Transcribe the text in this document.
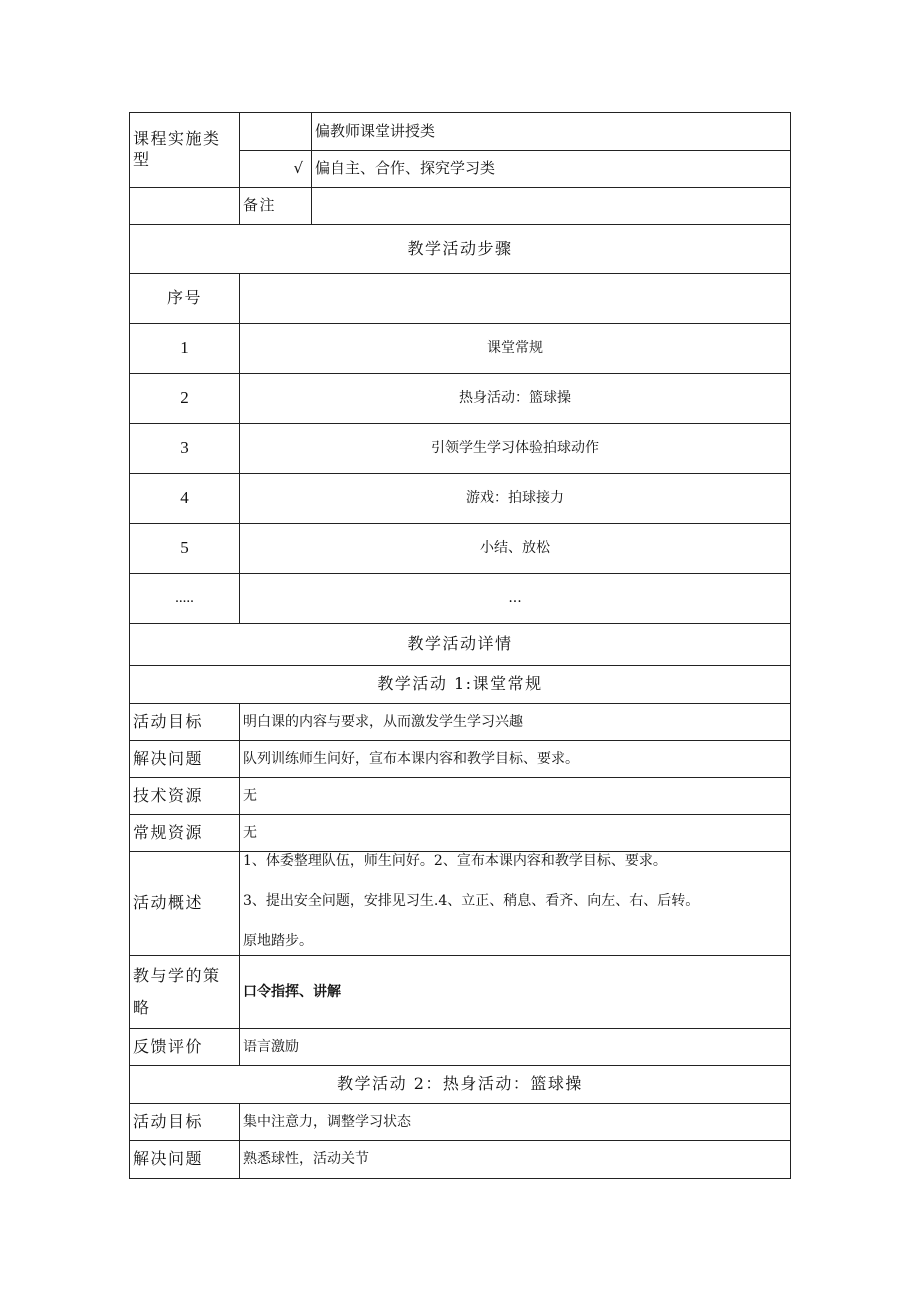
课程实施类型		偏教师课堂讲授类
	√	偏自主、合作、探究学习类
	备注	
教学活动步骤		
序号		
1	课堂常规	
2	热身活动：篮球操	
3	引领学生学习体验拍球动作	
4	游戏：拍球接力	
5	小结、放松	
.....	...	
教学活动详情		
教学活动 1:课堂常规		
活动目标	明白课的内容与要求，从而激发学生学习兴趣	
解决问题	队列训练师生问好，宣布本课内容和教学目标、要求。	
技术资源	无	
常规资源	无	
活动概述	1、体委整理队伍，师生问好。2、宣布本课内容和教学目标、要求。
3、提出安全问题，安排见习生.4、立正、稍息、看齐、向左、右、后转。
原地踏步。	

教与学的策略	口令指挥、讲解	
反馈评价	语言激励	
教学活动 2：热身活动：篮球操		
活动目标	集中注意力，调整学习状态	
解决问题	熟悉球性，活动关节	
